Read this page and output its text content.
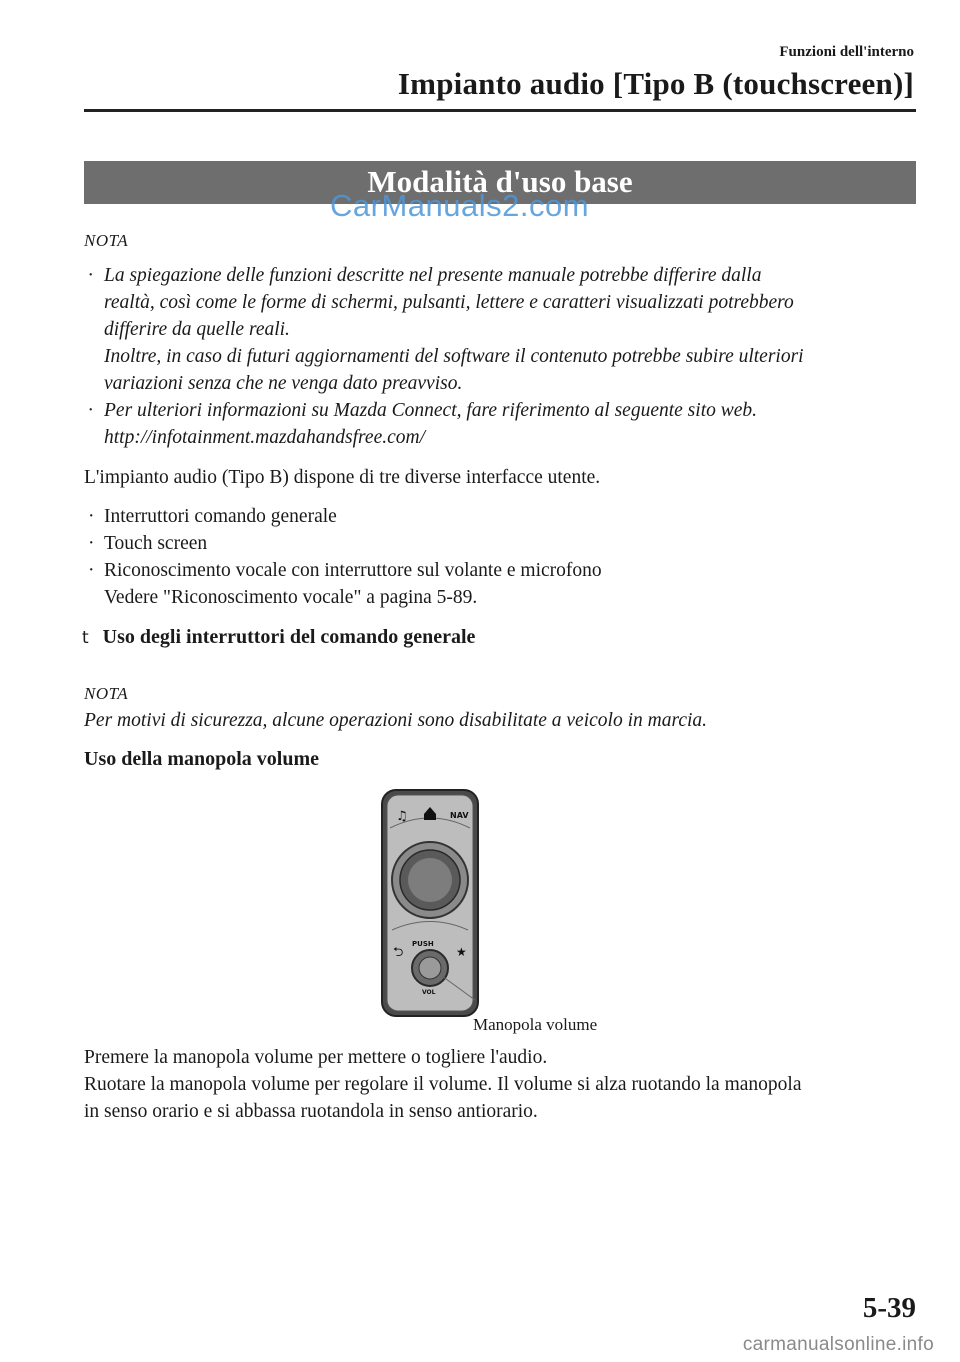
Funzioni dell'interno
Impianto audio [Tipo B (touchscreen)]
Modalità d'uso base
CarManuals2.com
NOTA
· La spiegazione delle funzioni descritte nel presente manuale potrebbe differire dalla
realtà, così come le forme di schermi, pulsanti, lettere e caratteri visualizzati potrebbero
differire da quelle reali.
Inoltre, in caso di futuri aggiornamenti del software il contenuto potrebbe subire ulteriori
variazioni senza che ne venga dato preavviso.
· Per ulteriori informazioni su Mazda Connect, fare riferimento al seguente sito web.
http://infotainment.mazdahandsfree.com/
L'impianto audio (Tipo B) dispone di tre diverse interfacce utente.
· Interruttori comando generale
· Touch screen
· Riconoscimento vocale con interruttore sul volante e microfono
Vedere "Riconoscimento vocale" a pagina 5-89.
t Uso degli interruttori del comando generale
NOTA
Per motivi di sicurezza, alcune operazioni sono disabilitate a veicolo in marcia.
Uso della manopola volume
♫	NAV
⮌
PUSH
★
VOL
Manopola volume
Premere la manopola volume per mettere o togliere l'audio.
Ruotare la manopola volume per regolare il volume. Il volume si alza ruotando la manopola
in senso orario e si abbassa ruotandola in senso antiorario.
5-39
carmanualsonline.info
